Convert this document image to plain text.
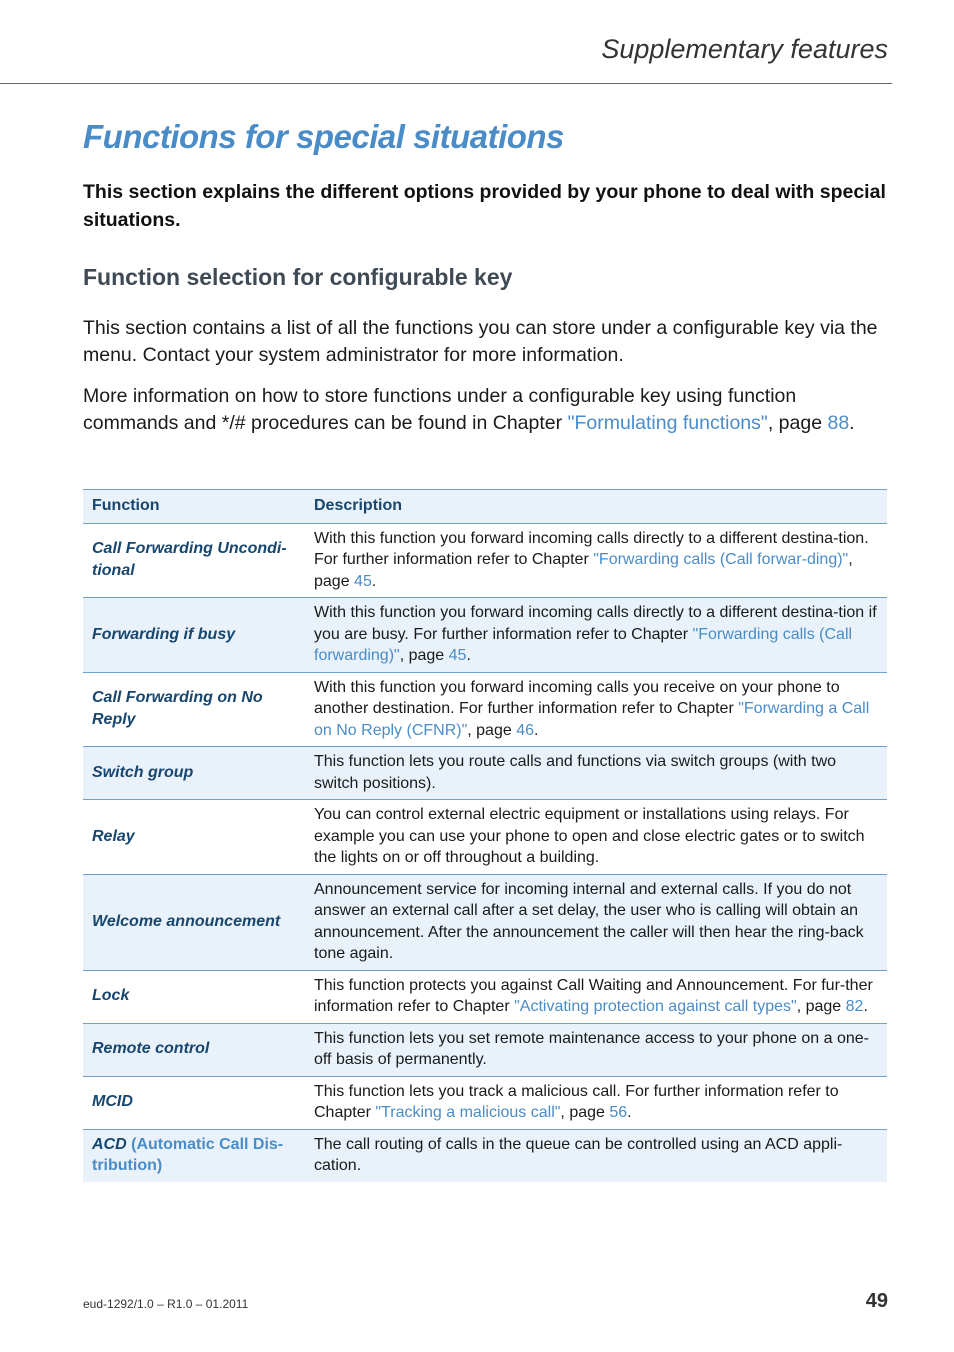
Supplementary features
Functions for special situations

This section explains the different options provided by your phone to deal with special situations.

Function selection for configurable key

This section contains a list of all the functions you can store under a configurable key via the menu. Contact your system administrator for more information.

More information on how to store functions under a configurable key using function commands and */# procedures can be found in Chapter "Formulating functions", page 88.

Function	Description
Call Forwarding Uncondi-tional	With this function you forward incoming calls directly to a different destina-tion. For further information refer to Chapter "Forwarding calls (Call forwar-ding)", page 45.
Forwarding if busy	With this function you forward incoming calls directly to a different destina-tion if you are busy. For further information refer to Chapter "Forwarding calls (Call forwarding)", page 45.
Call Forwarding on No Reply	With this function you forward incoming calls you receive on your phone to another destination. For further information refer to Chapter "Forwarding a Call on No Reply (CFNR)", page 46.
Switch group	This function lets you route calls and functions via switch groups (with two switch positions).
Relay	You can control external electric equipment or installations using relays. For example you can use your phone to open and close electric gates or to switch the lights on or off throughout a building.
Welcome announcement	Announcement service for incoming internal and external calls. If you do not answer an external call after a set delay, the user who is calling will obtain an announcement. After the announcement the caller will then hear the ring-back tone again.
Lock	This function protects you against Call Waiting and Announcement. For fur-ther information refer to Chapter "Activating protection against call types", page 82.
Remote control	This function lets you set remote maintenance access to your phone on a one-off basis of permanently.
MCID	This function lets you track a malicious call. For further information refer to Chapter "Tracking a malicious call", page 56.
ACD (Automatic Call Dis-tribution)	The call routing of calls in the queue can be controlled using an ACD appli-cation.
eud-1292/1.0 – R1.0 – 01.2011	49
